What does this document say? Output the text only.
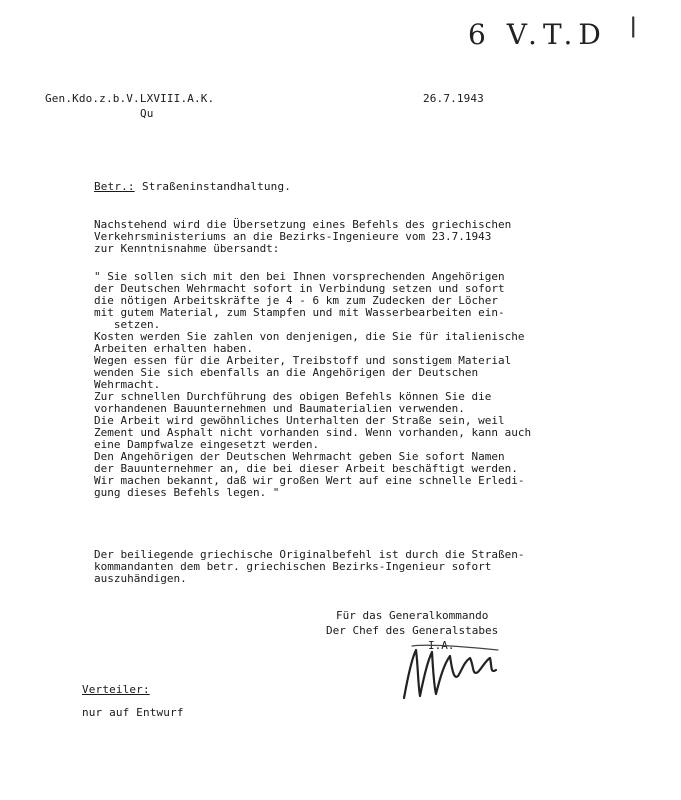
6 V.T.D ǀ
Gen.Kdo.z.b.V.LXVIII.A.K.
Qu
26.7.1943
Betr.: Straßeninstandhaltung.
Nachstehend wird die Übersetzung eines Befehls des griechischen
Verkehrsministeriums an die Bezirks-Ingenieure vom 23.7.1943
zur Kenntnisnahme übersandt:
" Sie sollen sich mit den bei Ihnen vorsprechenden Angehörigen
der Deutschen Wehrmacht sofort in Verbindung setzen und sofort
die nötigen Arbeitskräfte je 4 - 6 km zum Zudecken der Löcher
mit gutem Material, zum Stampfen und mit Wasserbearbeiten ein-
setzen.
Kosten werden Sie zahlen von denjenigen, die Sie für italienische
Arbeiten erhalten haben.
Wegen essen für die Arbeiter, Treibstoff und sonstigem Material
wenden Sie sich ebenfalls an die Angehörigen der Deutschen
Wehrmacht.
Zur schnellen Durchführung des obigen Befehls können Sie die
vorhandenen Bauunternehmen und Baumaterialien verwenden.
Die Arbeit wird gewöhnliches Unterhalten der Straße sein, weil
Zement und Asphalt nicht vorhanden sind. Wenn vorhanden, kann auch
eine Dampfwalze eingesetzt werden.
Den Angehörigen der Deutschen Wehrmacht geben Sie sofort Namen
der Bauunternehmer an, die bei dieser Arbeit beschäftigt werden.
Wir machen bekannt, daß wir großen Wert auf eine schnelle Erledi-
gung dieses Befehls legen. "
Der beiliegende griechische Originalbefehl ist durch die Straßen-
kommandanten dem betr. griechischen Bezirks-Ingenieur sofort
auszuhändigen.
Für das Generalkommando
Der Chef des Generalstabes
I.A.
Verteiler:
nur auf Entwurf
